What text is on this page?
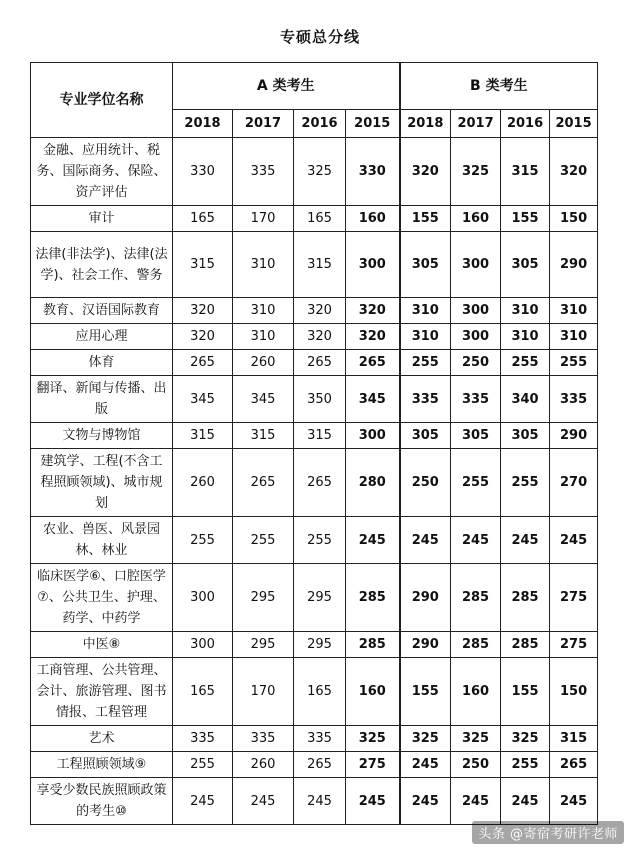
专硕总分线
专业学位名称	A 类考生				B 类考生			
	2018	2017	2016	2015	2018	2017	2016	2015
金融、应用统计、税务、国际商务、保险、资产评估	330	335	325	330	320	325	315	320
审计	165	170	165	160	155	160	155	150
法律(非法学)、法律(法学)、社会工作、警务	315	310	315	300	305	300	305	290
教育、汉语国际教育	320	310	320	320	310	300	310	310
应用心理	320	310	320	320	310	300	310	310
体育	265	260	265	265	255	250	255	255
翻译、新闻与传播、出版	345	345	350	345	335	335	340	335
文物与博物馆	315	315	315	300	305	305	305	290
建筑学、工程(不含工程照顾领域)、城市规划	260	265	265	280	250	255	255	270
农业、兽医、风景园林、林业	255	255	255	245	245	245	245	245
临床医学⑥、口腔医学⑦、公共卫生、护理、药学、中药学	300	295	295	285	290	285	285	275
中医⑧	300	295	295	285	290	285	285	275
工商管理、公共管理、会计、旅游管理、图书情报、工程管理	165	170	165	160	155	160	155	150
艺术	335	335	335	325	325	325	325	315
工程照顾领域⑨	255	260	265	275	245	250	255	265
享受少数民族照顾政策的考生⑩	245	245	245	245	245	245	245	245
头条 @寄宿考研许老师
